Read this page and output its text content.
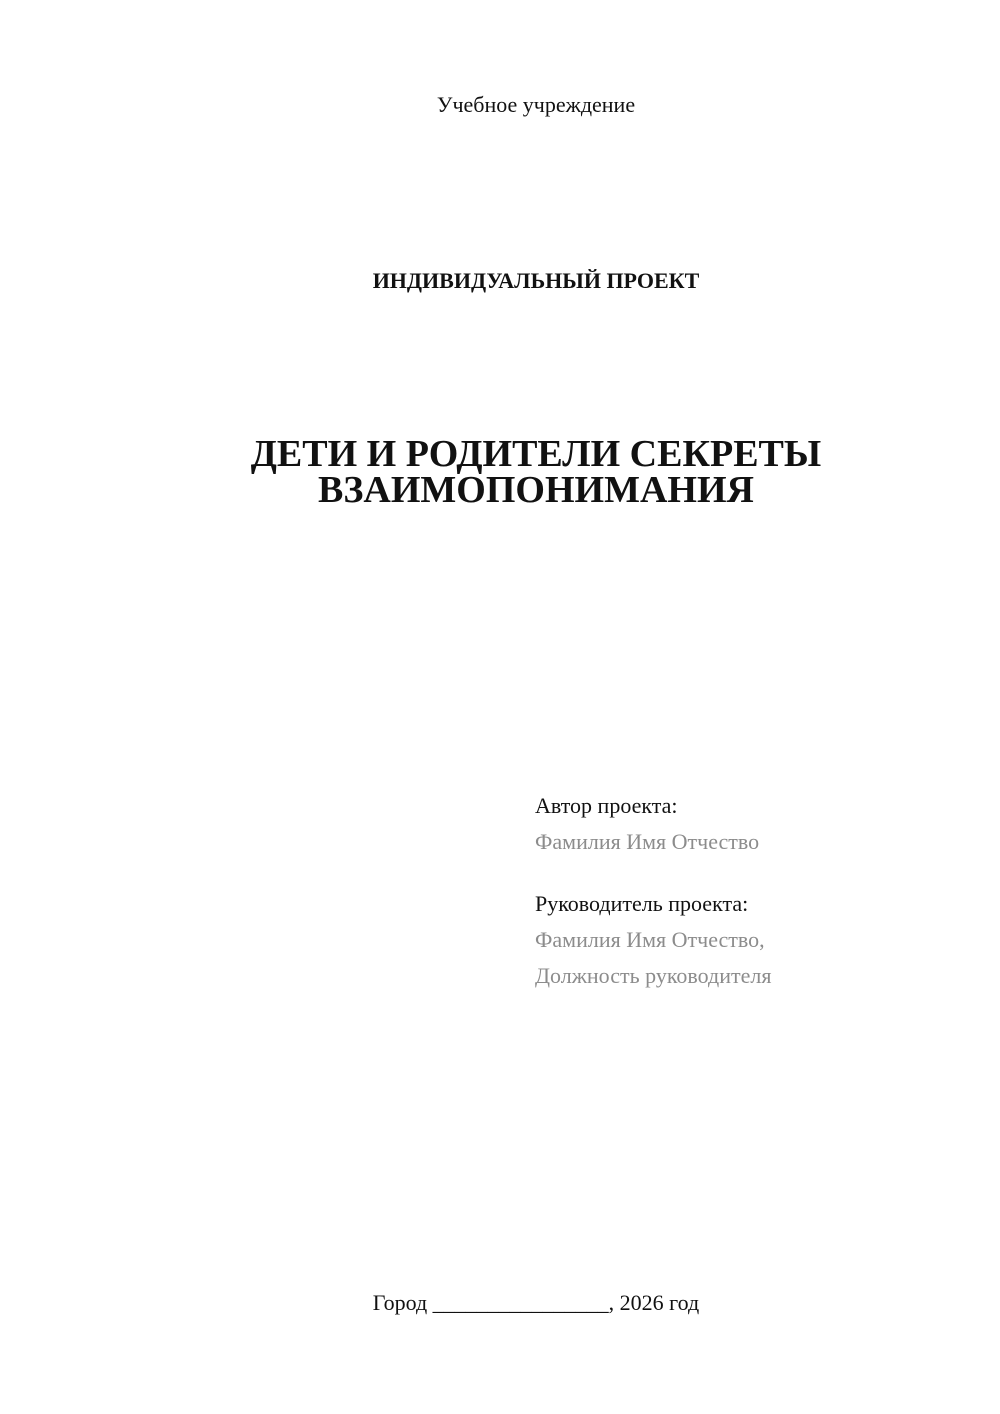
Учебное учреждение
ИНДИВИДУАЛЬНЫЙ ПРОЕКТ
ДЕТИ И РОДИТЕЛИ СЕКРЕТЫ
ВЗАИМОПОНИМАНИЯ
Автор проекта:
Фамилия Имя Отчество
Руководитель проекта:
Фамилия Имя Отчество,
Должность руководителя
Город ________________, 2026 год
